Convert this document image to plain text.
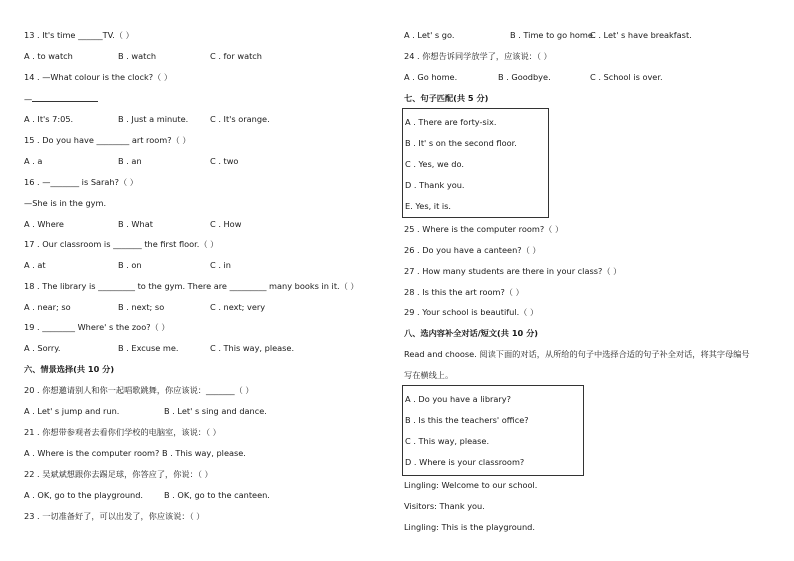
13 . It's time ______TV.（ ）
A . to watch	B . watch	C . for watch
14 . —What colour is the clock?（ ）
—
A . It's 7:05.	B . Just a minute.	C . It's orange.
15 . Do you have ________ art room?（ ）
A . a	B . an	C . two
16 . —_______ is Sarah?（ ）
—She is in the gym.
A . Where	B . What	C . How
17 . Our classroom is _______ the first floor.（ ）
A . at	B . on	C . in
18 . The library is _________ to the gym. There are _________ many books in it.（ ）
A . near; so	B . next; so	C . next; very
19 . ________ Where' s the zoo?（ ）
A . Sorry.	B . Excuse me.	C . This way, please.
六、情景选择(共 10 分)
20 . 你想邀请别人和你一起唱歌跳舞，你应该说：_______（ ）
A . Let' s jump and run.	B . Let' s sing and dance.
21 . 你想带参观者去看你们学校的电脑室，该说：（ ）
A . Where is the computer room? B . This way, please.
22 . 吴斌斌想跟你去踢足球，你答应了，你说：（ ）
A . OK, go to the playground.	B . OK, go to the canteen.
23 . 一切准备好了，可以出发了，你应该说：（ ）
A . Let' s go.	B . Time to go home.
C . Let' s have breakfast.
24 . 你想告诉同学放学了，应该说：（ ）
A . Go home.	B . Goodbye.	C . School is over.
七、句子匹配(共 5 分)
A . There are forty-six.
B . It' s on the second floor.
C . Yes, we do.
D . Thank you.
E. Yes, it is.
25 . Where is the computer room?（ ）
26 . Do you have a canteen?（ ）
27 . How many students are there in your class?（ ）
28 . Is this the art room?（ ）
29 . Your school is beautiful.（ ）
八、选内容补全对话/短文(共 10 分)
Read and choose. 阅读下面的对话，从所给的句子中选择合适的句子补全对话，将其字母编号
写在横线上。
A . Do you have a library?
B . Is this the teachers' office?
C . This way, please.
D . Where is your classroom?
Lingling: Welcome to our school.
Visitors: Thank you.
Lingling: This is the playground.
